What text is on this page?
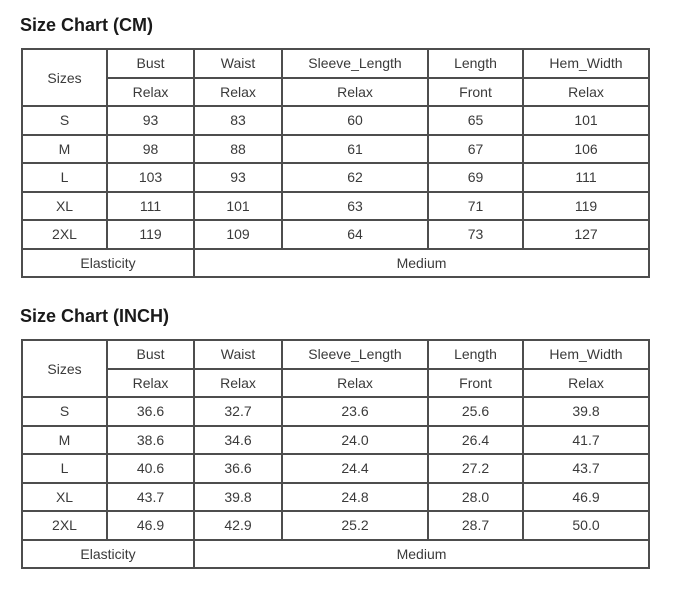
Size Chart (CM)
Sizes	Bust	Waist	Sleeve_Length	Length	Hem_Width
	Relax	Relax	Relax	Front	Relax
S	93	83	60	65	101
M	98	88	61	67	106
L	103	93	62	69	111
XL	111	101	63	71	119
2XL	119	109	64	73	127
Elasticity		Medium			
Size Chart (INCH)
Sizes	Bust	Waist	Sleeve_Length	Length	Hem_Width
	Relax	Relax	Relax	Front	Relax
S	36.6	32.7	23.6	25.6	39.8
M	38.6	34.6	24.0	26.4	41.7
L	40.6	36.6	24.4	27.2	43.7
XL	43.7	39.8	24.8	28.0	46.9
2XL	46.9	42.9	25.2	28.7	50.0
Elasticity		Medium			
